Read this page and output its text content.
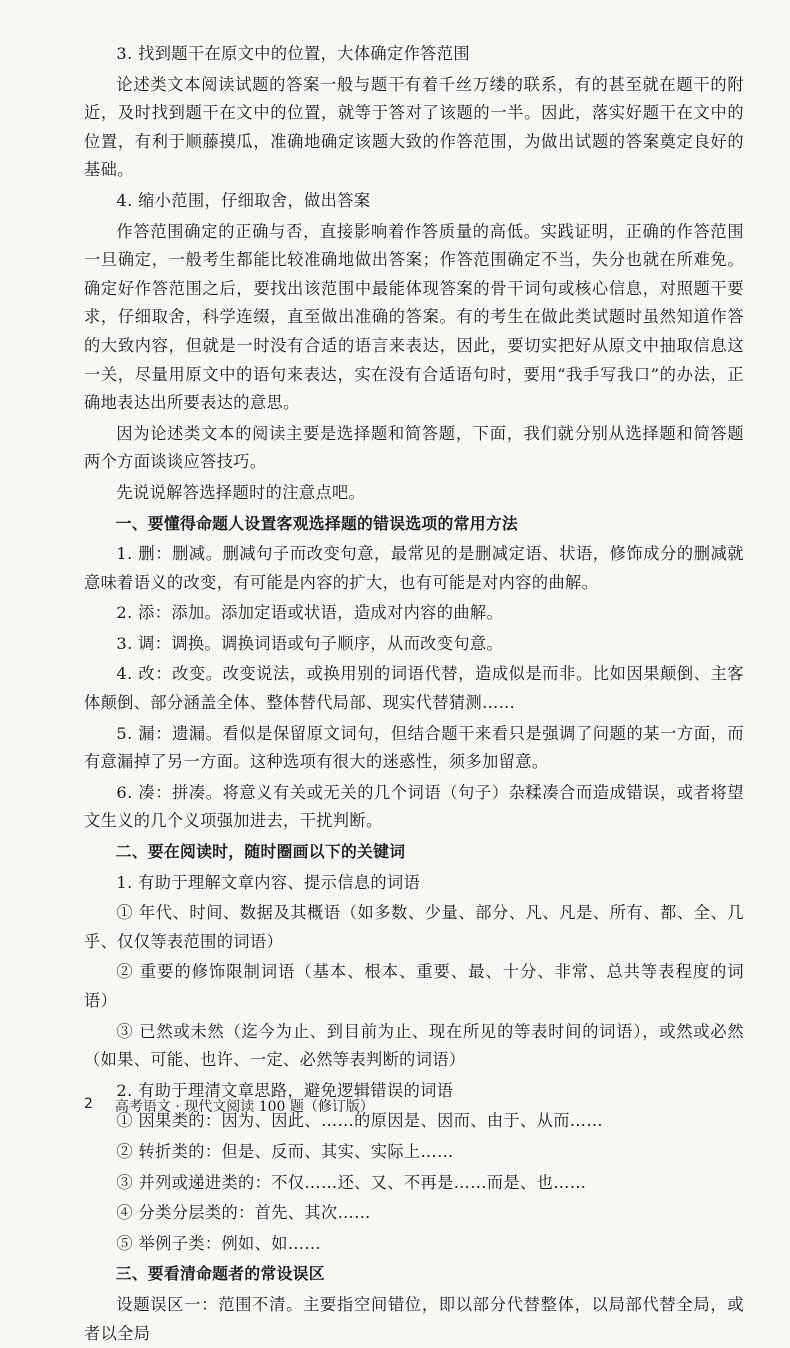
3. 找到题干在原文中的位置，大体确定作答范围
论述类文本阅读试题的答案一般与题干有着千丝万缕的联系，有的甚至就在题干的附近，及时找到题干在文中的位置，就等于答对了该题的一半。因此，落实好题干在文中的位置，有利于顺藤摸瓜，准确地确定该题大致的作答范围，为做出试题的答案奠定良好的基础。
4. 缩小范围，仔细取舍，做出答案
作答范围确定的正确与否，直接影响着作答质量的高低。实践证明，正确的作答范围一旦确定，一般考生都能比较准确地做出答案；作答范围确定不当，失分也就在所难免。确定好作答范围之后，要找出该范围中最能体现答案的骨干词句或核心信息，对照题干要求，仔细取舍，科学连缀，直至做出准确的答案。有的考生在做此类试题时虽然知道作答的大致内容，但就是一时没有合适的语言来表达，因此，要切实把好从原文中抽取信息这一关，尽量用原文中的语句来表达，实在没有合适语句时，要用“我手写我口”的办法，正确地表达出所要表达的意思。
因为论述类文本的阅读主要是选择题和简答题，下面，我们就分别从选择题和简答题两个方面谈谈应答技巧。
先说说解答选择题时的注意点吧。
一、要懂得命题人设置客观选择题的错误选项的常用方法
1. 删：删减。删减句子而改变句意，最常见的是删减定语、状语，修饰成分的删减就意味着语义的改变，有可能是内容的扩大，也有可能是对内容的曲解。
2. 添：添加。添加定语或状语，造成对内容的曲解。
3. 调：调换。调换词语或句子顺序，从而改变句意。
4. 改：改变。改变说法，或换用别的词语代替，造成似是而非。比如因果颠倒、主客体颠倒、部分涵盖全体、整体替代局部、现实代替猜测……
5. 漏：遗漏。看似是保留原文词句，但结合题干来看只是强调了问题的某一方面，而有意漏掉了另一方面。这种选项有很大的迷惑性，须多加留意。
6. 凑：拼凑。将意义有关或无关的几个词语（句子）杂糅凑合而造成错误，或者将望文生义的几个义项强加进去，干扰判断。
二、要在阅读时，随时圈画以下的关键词
1. 有助于理解文章内容、提示信息的词语
① 年代、时间、数据及其概语（如多数、少量、部分、凡、凡是、所有、都、全、几乎、仅仅等表范围的词语）
② 重要的修饰限制词语（基本、根本、重要、最、十分、非常、总共等表程度的词语）
③ 已然或未然（迄今为止、到目前为止、现在所见的等表时间的词语），或然或必然（如果、可能、也许、一定、必然等表判断的词语）
2. 有助于理清文章思路，避免逻辑错误的词语
① 因果类的：因为、因此、……的原因是、因而、由于、从而……
② 转折类的：但是、反而、其实、实际上……
③ 并列或递进类的：不仅……还、又、不再是……而是、也……
④ 分类分层类的：首先、其次……
⑤ 举例子类：例如、如……
三、要看清命题者的常设误区
设题误区一：范围不清。主要指空间错位，即以部分代替整体，以局部代替全局，或者以全局
2 高考语文 · 现代文阅读 100 题（修订版）
